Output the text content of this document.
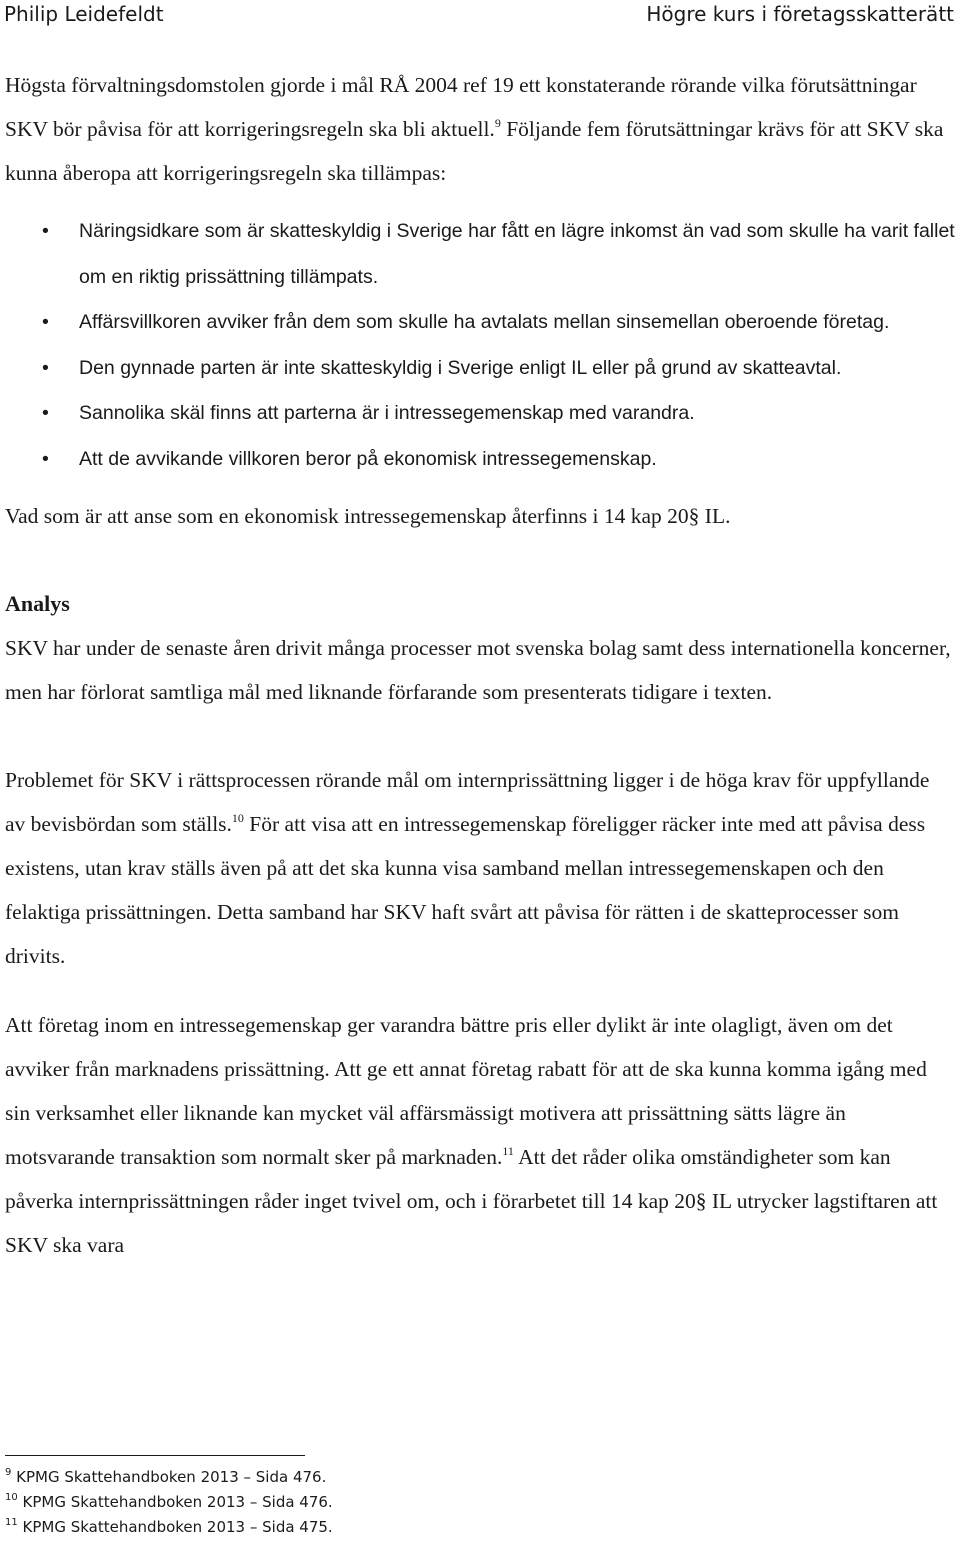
Philip Leidefeldt	Högre kurs i företagsskatterätt

Högsta förvaltningsdomstolen gjorde i mål RÅ 2004 ref 19 ett konstaterande rörande vilka förutsättningar SKV bör påvisa för att korrigeringsregeln ska bli aktuell.$^9$ Följande fem förutsättningar krävs för att SKV ska kunna åberopa att korrigeringsregeln ska tillämpas:

• Näringsidkare som är skatteskyldig i Sverige har fått en lägre inkomst än vad som skulle ha varit fallet om en riktig prissättning tillämpats.
• Affärsvillkoren avviker från dem som skulle ha avtalats mellan sinsemellan oberoende företag.
• Den gynnade parten är inte skatteskyldig i Sverige enligt IL eller på grund av skatteavtal.
• Sannolika skäl finns att parterna är i intressegemenskap med varandra.
• Att de avvikande villkoren beror på ekonomisk intressegemenskap.

Vad som är att anse som en ekonomisk intressegemenskap återfinns i 14 kap 20§ IL.

Analys

SKV har under de senaste åren drivit många processer mot svenska bolag samt dess internationella koncerner, men har förlorat samtliga mål med liknande förfarande som presenterats tidigare i texten.

Problemet för SKV i rättsprocessen rörande mål om internprissättning ligger i de höga krav för uppfyllande av bevisbördan som ställs.$^{10}$ För att visa att en intressegemenskap föreligger räcker inte med att påvisa dess existens, utan krav ställs även på att det ska kunna visa samband mellan intressegemenskapen och den felaktiga prissättningen. Detta samband har SKV haft svårt att påvisa för rätten i de skatteprocesser som drivits.

Att företag inom en intressegemenskap ger varandra bättre pris eller dylikt är inte olagligt, även om det avviker från marknadens prissättning. Att ge ett annat företag rabatt för att de ska kunna komma igång med sin verksamhet eller liknande kan mycket väl affärsmässigt motivera att prissättning sätts lägre än motsvarande transaktion som normalt sker på marknaden.$^{11}$ Att det råder olika omständigheter som kan påverka internprissättningen råder inget tvivel om, och i förarbetet till 14 kap 20§ IL utrycker lagstiftaren att SKV ska vara

$^9$ KPMG Skattehandboken 2013 – Sida 476.
$^{10}$ KPMG Skattehandboken 2013 – Sida 476.
$^{11}$ KPMG Skattehandboken 2013 – Sida 475.
